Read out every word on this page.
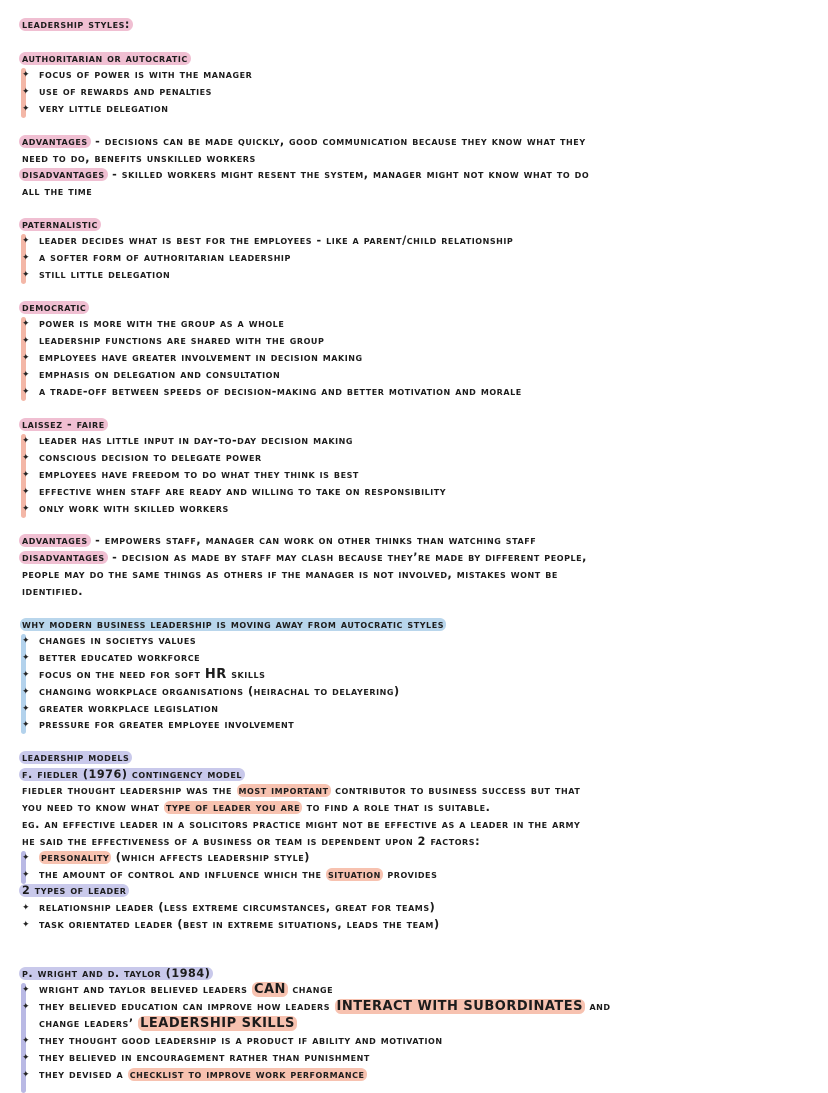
leadership styles:
authoritarian or autocratic
✦ focus of power is with the manager
✦ use of rewards and penalties
✦ very little delegation
advantages - decisions can be made quickly, good communication because they know what they
need to do, benefits unskilled workers
disadvantages - skilled workers might resent the system, manager might not know what to do
all the time
paternalistic
✦ leader decides what is best for the employees - like a parent/child relationship
✦ a softer form of authoritarian leadership
✦ still little delegation
democratic
✦ power is more with the group as a whole
✦ leadership functions are shared with the group
✦ employees have greater involvement in decision making
✦ emphasis on delegation and consultation
✦ a trade-off between speeds of decision-making and better motivation and morale
laissez - faire
✦ leader has little input in day-to-day decision making
✦ conscious decision to delegate power
✦ employees have freedom to do what they think is best
✦ effective when staff are ready and willing to take on responsibility
✦ only work with skilled workers
advantages - empowers staff, manager can work on other thinks than watching staff
disadvantages - decision as made by staff may clash because they’re made by different people,
people may do the same things as others if the manager is not involved, mistakes wont be
identified.
why modern business leadership is moving away from autocratic styles
✦ changes in societys values
✦ better educated workforce
✦ focus on the need for soft HR skills
✦ changing workplace organisations (heirachal to delayering)
✦ greater workplace legislation
✦ pressure for greater employee involvement
leadership models
f. fiedler (1976) contingency model
fiedler thought leadership was the most important contributor to business success but that
you need to know what type of leader you are to find a role that is suitable.
eg. an effective leader in a solicitors practice might not be effective as a leader in the army
he said the effectiveness of a business or team is dependent upon 2 factors:
✦ personality (which affects leadership style)
✦ the amount of control and influence which the situation provides
2 types of leader
✦ relationship leader (less extreme circumstances, great for teams)
✦ task orientated leader (best in extreme situations, leads the team)
p. wright and d. taylor (1984)
✦ wright and taylor believed leaders CAN change
✦ they believed education can improve how leaders INTERACT WITH SUBORDINATES and
change leaders’ LEADERSHIP SKILLS
✦ they thought good leadership is a product if ability and motivation
✦ they believed in encouragement rather than punishment
✦ they devised a checklist to improve work performance
